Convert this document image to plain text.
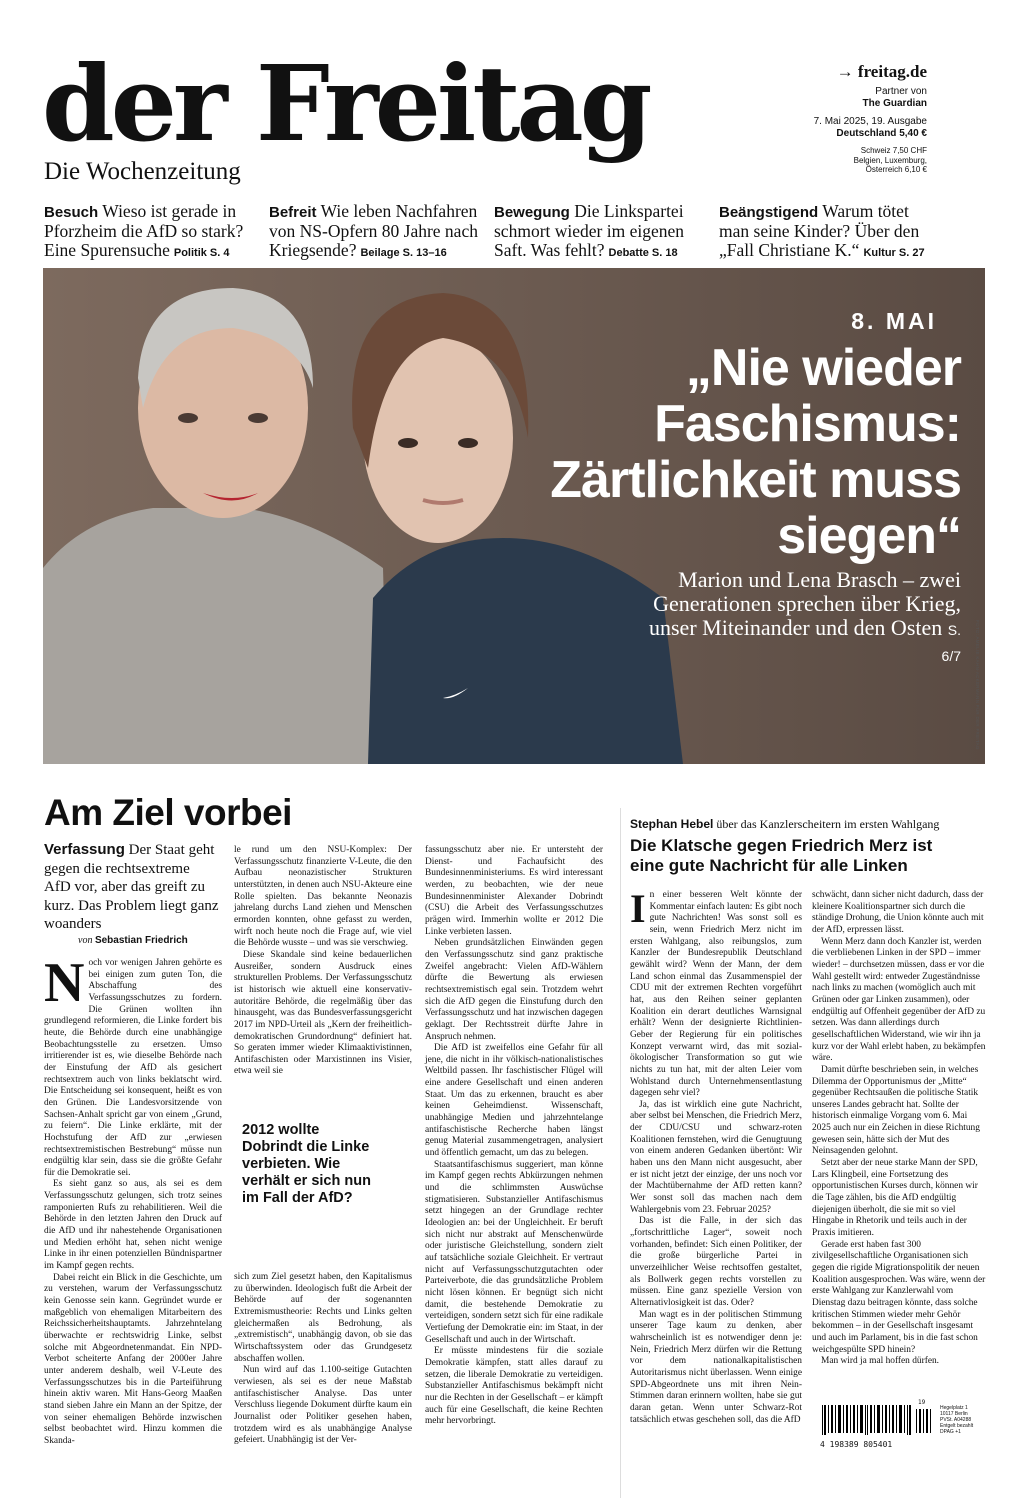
der Freitag
Die Wochenzeitung
→ freitag.de
Partner von
The Guardian
7. Mai 2025, 19. Ausgabe
Deutschland 5,40 €
Schweiz 7,50 CHF
Belgien, Luxemburg,
Österreich 6,10 €
Besuch Wieso ist gerade in Pforzheim die AfD so stark? Eine Spurensuche Politik S. 4
Befreit Wie leben Nachfahren von NS-Opfern 80 Jahre nach Kriegsende? Beilage S. 13–16
Bewegung Die Linkspartei schmort wieder im eigenen Saft. Was fehlt? Debatte S. 18
Beängstigend Warum tötet man seine Kinder? Über den „Fall Christiane K.“ Kultur S. 27
8. MAI
„Nie wieder Faschismus: Zärtlichkeit muss siegen“
Marion und Lena Brasch – zwei Generationen sprechen über Krieg, unser Miteinander und den Osten S. 6/7	FOTO: AMELIE KAHN-ACKERMANN FÜR DER FREITAG
Am Ziel vorbei
Verfassung Der Staat geht gegen die rechtsextreme AfD vor, aber das greift zu kurz. Das Problem liegt ganz woanders
von Sebastian Friedrich
N och vor wenigen Jahren gehörte es bei einigen zum guten Ton, die Abschaffung des Verfassungsschutzes zu fordern. Die Grünen wollten ihn grundlegend reformieren, die Linke fordert bis heute, die Behörde durch eine unabhängige Beobachtungsstelle zu ersetzen. Umso irritierender ist es, wie dieselbe Behörde nach der Einstufung der AfD als gesichert rechtsextrem auch von links beklatscht wird. Die Entscheidung sei konsequent, heißt es von den Grünen. Die Landesvorsitzende von Sachsen-Anhalt spricht gar von einem „Grund, zu feiern“. Die Linke erklärte, mit der Hochstufung der AfD zur „erwiesen rechtsextremistischen Bestrebung“ müsse nun endgültig klar sein, dass sie die größte Gefahr für die Demokratie sei.

Es sieht ganz so aus, als sei es dem Verfassungsschutz gelungen, sich trotz seines ramponierten Rufs zu rehabilitieren. Weil die Behörde in den letzten Jahren den Druck auf die AfD und ihr nahestehende Organisationen und Medien erhöht hat, sehen nicht wenige Linke in ihr einen potenziellen Bündnispartner im Kampf gegen rechts.

Dabei reicht ein Blick in die Geschichte, um zu verstehen, warum der Verfassungsschutz kein Genosse sein kann. Gegründet wurde er maßgeblich von ehemaligen Mitarbeitern des Reichssicherheitshauptamts. Jahrzehntelang überwachte er rechtswidrig Linke, selbst solche mit Abgeordnetenmandat. Ein NPD-Verbot scheiterte Anfang der 2000er Jahre unter anderem deshalb, weil V-Leute des Verfassungsschutzes bis in die Parteiführung hinein aktiv waren. Mit Hans-Georg Maaßen stand sieben Jahre ein Mann an der Spitze, der von seiner ehemaligen Behörde inzwischen selbst beobachtet wird. Hinzu kommen die Skanda-

le rund um den NSU-Komplex: Der Verfassungsschutz finanzierte V-Leute, die den Aufbau neonazistischer Strukturen unterstützten, in denen auch NSU-Akteure eine Rolle spielten. Das bekannte Neonazis jahrelang durchs Land ziehen und Menschen ermorden konnten, ohne gefasst zu werden, wirft noch heute noch die Frage auf, wie viel die Behörde wusste – und was sie verschwieg.

Diese Skandale sind keine bedauerlichen Ausreißer, sondern Ausdruck eines strukturellen Problems. Der Verfassungsschutz ist historisch wie aktuell eine konservativ-autoritäre Behörde, die regelmäßig über das hinausgeht, was das Bundesverfassungsgericht 2017 im NPD-Urteil als „Kern der freiheitlich-demokratischen Grundordnung“ definiert hat. So geraten immer wieder Klimaaktivistinnen, Antifaschisten oder Marxistinnen ins Visier, etwa weil sie

2012 wollte Dobrindt die Linke verbieten. Wie verhält er sich nun im Fall der AfD?

sich zum Ziel gesetzt haben, den Kapitalismus zu überwinden. Ideologisch fußt die Arbeit der Behörde auf der sogenannten Extremismustheorie: Rechts und Links gelten gleichermaßen als Bedrohung, als „extremistisch“, unabhängig davon, ob sie das Wirtschaftssystem oder das Grundgesetz abschaffen wollen.

Nun wird auf das 1.100-seitige Gutachten verwiesen, als sei es der neue Maßstab antifaschistischer Analyse. Das unter Verschluss liegende Dokument dürfte kaum ein Journalist oder Politiker gesehen haben, trotzdem wird es als unabhängige Analyse gefeiert. Unabhängig ist der Ver-

fassungsschutz aber nie. Er untersteht der Dienst- und Fachaufsicht des Bundesinnenministeriums. Es wird interessant werden, zu beobachten, wie der neue Bundesinnenminister Alexander Dobrindt (CSU) die Arbeit des Verfassungsschutzes prägen wird. Immerhin wollte er 2012 Die Linke verbieten lassen.

Neben grundsätzlichen Einwänden gegen den Verfassungsschutz sind ganz praktische Zweifel angebracht: Vielen AfD-Wählern dürfte die Bewertung als erwiesen rechtsextremistisch egal sein. Trotzdem wehrt sich die AfD gegen die Einstufung durch den Verfassungsschutz und hat inzwischen dagegen geklagt. Der Rechtsstreit dürfte Jahre in Anspruch nehmen.

Die AfD ist zweifellos eine Gefahr für all jene, die nicht in ihr völkisch-nationalistisches Weltbild passen. Ihr faschistischer Flügel will eine andere Gesellschaft und einen anderen Staat. Um das zu erkennen, braucht es aber keinen Geheimdienst. Wissenschaft, unabhängige Medien und jahrzehntelange antifaschistische Recherche haben längst genug Material zusammengetragen, analysiert und öffentlich gemacht, um das zu belegen.

Staatsantifaschismus suggeriert, man könne im Kampf gegen rechts Abkürzungen nehmen und die schlimmsten Auswüchse stigmatisieren. Substanzieller Antifaschismus setzt hingegen an der Grundlage rechter Ideologien an: bei der Ungleichheit. Er beruft sich nicht nur abstrakt auf Menschenwürde oder juristische Gleichstellung, sondern zielt auf tatsächliche soziale Gleichheit. Er vertraut nicht auf Verfassungsschutzgutachten oder Parteiverbote, die das grundsätzliche Problem nicht lösen können. Er begnügt sich nicht damit, die bestehende Demokratie zu verteidigen, sondern setzt sich für eine radikale Vertiefung der Demokratie ein: im Staat, in der Gesellschaft und auch in der Wirtschaft.

Er müsste mindestens für die soziale Demokratie kämpfen, statt alles darauf zu setzen, die liberale Demokratie zu verteidigen. Substanzieller Antifaschismus bekämpft nicht nur die Rechten in der Gesellschaft – er kämpft auch für eine Gesellschaft, die keine Rechten mehr hervorbringt.

Stephan Hebel über das Kanzlerscheitern im ersten Wahlgang
Die Klatsche gegen Friedrich Merz ist eine gute Nachricht für alle Linken
I n einer besseren Welt könnte der Kommentar einfach lauten: Es gibt noch gute Nachrichten! Was sonst soll es sein, wenn Friedrich Merz nicht im ersten Wahlgang, also reibungslos, zum Kanzler der Bundesrepublik Deutschland gewählt wird? Wenn der Mann, der dem Land schon einmal das Zusammenspiel der CDU mit der extremen Rechten vorgeführt hat, aus den Reihen seiner geplanten Koalition ein derart deutliches Warnsignal erhält? Wenn der designierte Richtlinien-Geber der Regierung für ein politisches Konzept verwarnt wird, das mit sozial-ökologischer Transformation so gut wie nichts zu tun hat, mit der alten Leier vom Wohlstand durch Unternehmensentlastung dagegen sehr viel?

Ja, das ist wirklich eine gute Nachricht, aber selbst bei Menschen, die Friedrich Merz, der CDU/CSU und schwarz-roten Koalitionen fernstehen, wird die Genugtuung von einem anderen Gedanken übertönt: Wir haben uns den Mann nicht ausgesucht, aber er ist nicht jetzt der einzige, der uns noch vor der Machtübernahme der AfD retten kann? Wer sonst soll das machen nach dem Wahlergebnis vom 23. Februar 2025?

Das ist die Falle, in der sich das „fortschrittliche Lager“, soweit noch vorhanden, befindet: Sich einen Politiker, der die große bürgerliche Partei in unverzeihlicher Weise rechtsoffen gestaltet, als Bollwerk gegen rechts vorstellen zu müssen. Eine ganz spezielle Version von Alternativlosigkeit ist das. Oder?

Man wagt es in der politischen Stimmung unserer Tage kaum zu denken, aber wahrscheinlich ist es notwendiger denn je: Nein, Friedrich Merz dürfen wir die Rettung vor dem nationalkapitalistischen Autoritarismus nicht überlassen. Wenn einige SPD-Abgeordnete uns mit ihren Nein-Stimmen daran erinnern wollten, habe sie gut daran getan. Wenn unter Schwarz-Rot tatsächlich etwas geschehen soll, das die AfD

schwächt, dann sicher nicht dadurch, dass der kleinere Koalitionspartner sich durch die ständige Drohung, die Union könnte auch mit der AfD, erpressen lässt.

Wenn Merz dann doch Kanzler ist, werden die verbliebenen Linken in der SPD – immer wieder! – durchsetzen müssen, dass er vor die Wahl gestellt wird: entweder Zugeständnisse nach links zu machen (womöglich auch mit Grünen oder gar Linken zusammen), oder endgültig auf Offenheit gegenüber der AfD zu setzen. Was dann allerdings durch gesellschaftlichen Widerstand, wie wir ihn ja kurz vor der Wahl erlebt haben, zu bekämpfen wäre.

Damit dürfte beschrieben sein, in welches Dilemma der Opportunismus der „Mitte“ gegenüber Rechtsaußen die politische Statik unseres Landes gebracht hat. Sollte der historisch einmalige Vorgang vom 6. Mai 2025 auch nur ein Zeichen in diese Richtung gewesen sein, hätte sich der Mut des Neinsagenden gelohnt.

Setzt aber der neue starke Mann der SPD, Lars Klingbeil, eine Fortsetzung des opportunistischen Kurses durch, können wir die Tage zählen, bis die AfD endgültig diejenigen überholt, die sie mit so viel Hingabe in Rhetorik und teils auch in der Praxis imitieren.

Gerade erst haben fast 300 zivilgesellschaftliche Organisationen sich gegen die rigide Migrationspolitik der neuen Koalition ausgesprochen. Was wäre, wenn der erste Wahlgang zur Kanzlerwahl vom Dienstag dazu beitragen könnte, dass solche kritischen Stimmen wieder mehr Gehör bekommen – in der Gesellschaft insgesamt und auch im Parlament, bis in die fast schon weichgespülte SPD hinein?

Man wird ja mal hoffen dürfen.

4 198389 805401
19
Hegelplatz 1
10117 Berlin
PVSt. A04288
Entgelt bezahlt
DPAG +1
